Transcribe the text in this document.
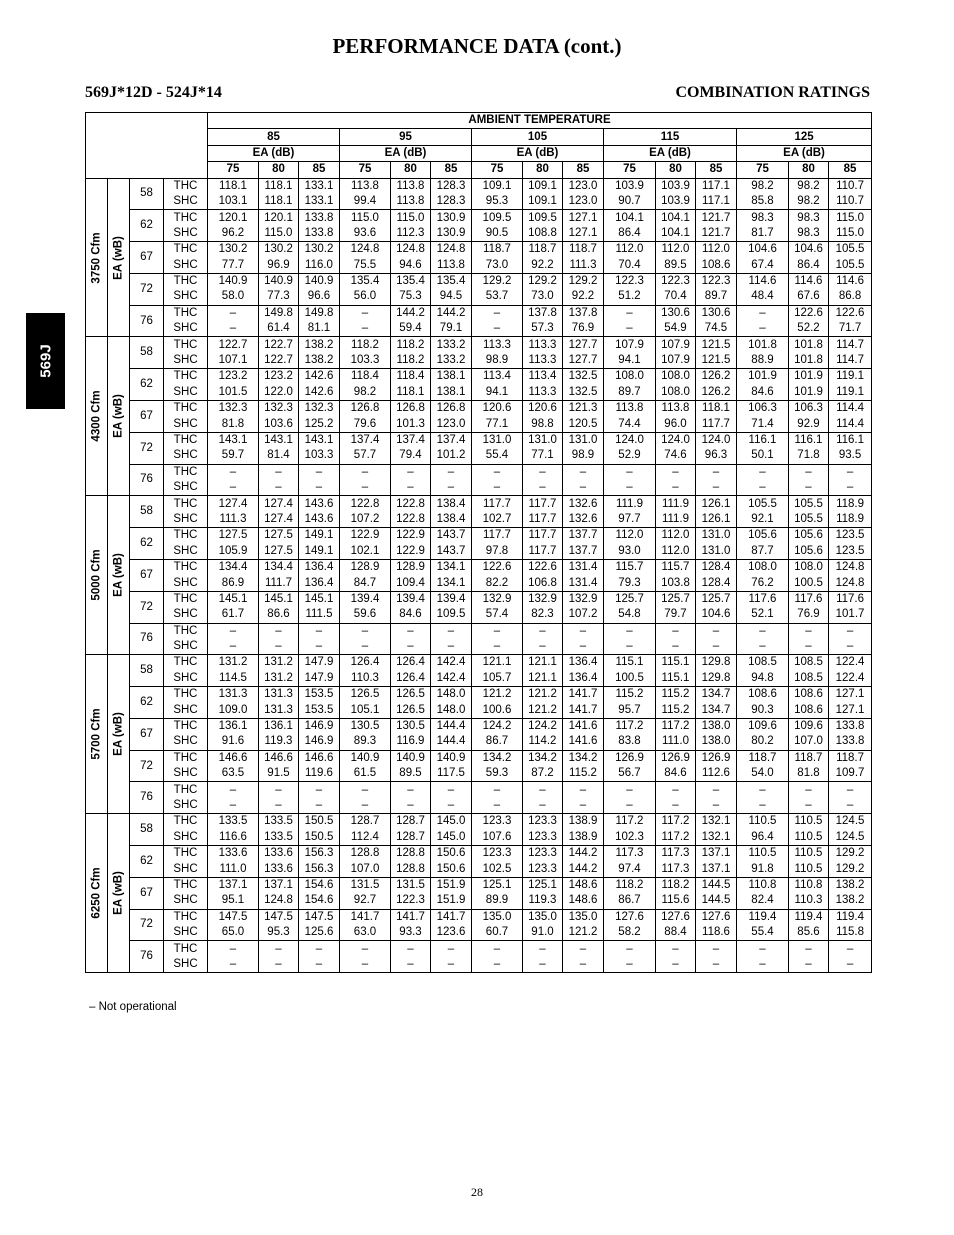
PERFORMANCE DATA (cont.)
569J*12D - 524J*14	COMBINATION RATINGS
569J
				AMBIENT TEMPERATURE														
				85			95			105			115			125		
				EA (dB)			EA (dB)			EA (dB)			EA (dB)			EA (dB)		
				75	80	85	75	80	85	75	80	85	75	80	85	75	80	85

3750 Cfm	EA (wB)	58	THC	118.1	118.1	133.1	113.8	113.8	128.3	109.1	109.1	123.0	103.9	103.9	117.1	98.2	98.2	110.7
			SHC	103.1	118.1	133.1	99.4	113.8	128.3	95.3	109.1	123.0	90.7	103.9	117.1	85.8	98.2	110.7
		62	THC	120.1	120.1	133.8	115.0	115.0	130.9	109.5	109.5	127.1	104.1	104.1	121.7	98.3	98.3	115.0
			SHC	96.2	115.0	133.8	93.6	112.3	130.9	90.5	108.8	127.1	86.4	104.1	121.7	81.7	98.3	115.0
		67	THC	130.2	130.2	130.2	124.8	124.8	124.8	118.7	118.7	118.7	112.0	112.0	112.0	104.6	104.6	105.5
			SHC	77.7	96.9	116.0	75.5	94.6	113.8	73.0	92.2	111.3	70.4	89.5	108.6	67.4	86.4	105.5
		72	THC	140.9	140.9	140.9	135.4	135.4	135.4	129.2	129.2	129.2	122.3	122.3	122.3	114.6	114.6	114.6
			SHC	58.0	77.3	96.6	56.0	75.3	94.5	53.7	73.0	92.2	51.2	70.4	89.7	48.4	67.6	86.8
		76	THC	–	149.8	149.8	–	144.2	144.2	–	137.8	137.8	–	130.6	130.6	–	122.6	122.6
			SHC	–	61.4	81.1	–	59.4	79.1	–	57.3	76.9	–	54.9	74.5	–	52.2	71.7

4300 Cfm	EA (wB)	58	THC	122.7	122.7	138.2	118.2	118.2	133.2	113.3	113.3	127.7	107.9	107.9	121.5	101.8	101.8	114.7
			SHC	107.1	122.7	138.2	103.3	118.2	133.2	98.9	113.3	127.7	94.1	107.9	121.5	88.9	101.8	114.7
		62	THC	123.2	123.2	142.6	118.4	118.4	138.1	113.4	113.4	132.5	108.0	108.0	126.2	101.9	101.9	119.1
			SHC	101.5	122.0	142.6	98.2	118.1	138.1	94.1	113.3	132.5	89.7	108.0	126.2	84.6	101.9	119.1
		67	THC	132.3	132.3	132.3	126.8	126.8	126.8	120.6	120.6	121.3	113.8	113.8	118.1	106.3	106.3	114.4
			SHC	81.8	103.6	125.2	79.6	101.3	123.0	77.1	98.8	120.5	74.4	96.0	117.7	71.4	92.9	114.4
		72	THC	143.1	143.1	143.1	137.4	137.4	137.4	131.0	131.0	131.0	124.0	124.0	124.0	116.1	116.1	116.1
			SHC	59.7	81.4	103.3	57.7	79.4	101.2	55.4	77.1	98.9	52.9	74.6	96.3	50.1	71.8	93.5
		76	THC	–	–	–	–	–	–	–	–	–	–	–	–	–	–	–
			SHC	–	–	–	–	–	–	–	–	–	–	–	–	–	–	–

5000 Cfm	EA (wB)	58	THC	127.4	127.4	143.6	122.8	122.8	138.4	117.7	117.7	132.6	111.9	111.9	126.1	105.5	105.5	118.9
			SHC	111.3	127.4	143.6	107.2	122.8	138.4	102.7	117.7	132.6	97.7	111.9	126.1	92.1	105.5	118.9
		62	THC	127.5	127.5	149.1	122.9	122.9	143.7	117.7	117.7	137.7	112.0	112.0	131.0	105.6	105.6	123.5
			SHC	105.9	127.5	149.1	102.1	122.9	143.7	97.8	117.7	137.7	93.0	112.0	131.0	87.7	105.6	123.5
		67	THC	134.4	134.4	136.4	128.9	128.9	134.1	122.6	122.6	131.4	115.7	115.7	128.4	108.0	108.0	124.8
			SHC	86.9	111.7	136.4	84.7	109.4	134.1	82.2	106.8	131.4	79.3	103.8	128.4	76.2	100.5	124.8
		72	THC	145.1	145.1	145.1	139.4	139.4	139.4	132.9	132.9	132.9	125.7	125.7	125.7	117.6	117.6	117.6
			SHC	61.7	86.6	111.5	59.6	84.6	109.5	57.4	82.3	107.2	54.8	79.7	104.6	52.1	76.9	101.7
		76	THC	–	–	–	–	–	–	–	–	–	–	–	–	–	–	–
			SHC	–	–	–	–	–	–	–	–	–	–	–	–	–	–	–

5700 Cfm	EA (wB)	58	THC	131.2	131.2	147.9	126.4	126.4	142.4	121.1	121.1	136.4	115.1	115.1	129.8	108.5	108.5	122.4
			SHC	114.5	131.2	147.9	110.3	126.4	142.4	105.7	121.1	136.4	100.5	115.1	129.8	94.8	108.5	122.4
		62	THC	131.3	131.3	153.5	126.5	126.5	148.0	121.2	121.2	141.7	115.2	115.2	134.7	108.6	108.6	127.1
			SHC	109.0	131.3	153.5	105.1	126.5	148.0	100.6	121.2	141.7	95.7	115.2	134.7	90.3	108.6	127.1
		67	THC	136.1	136.1	146.9	130.5	130.5	144.4	124.2	124.2	141.6	117.2	117.2	138.0	109.6	109.6	133.8
			SHC	91.6	119.3	146.9	89.3	116.9	144.4	86.7	114.2	141.6	83.8	111.0	138.0	80.2	107.0	133.8
		72	THC	146.6	146.6	146.6	140.9	140.9	140.9	134.2	134.2	134.2	126.9	126.9	126.9	118.7	118.7	118.7
			SHC	63.5	91.5	119.6	61.5	89.5	117.5	59.3	87.2	115.2	56.7	84.6	112.6	54.0	81.8	109.7
		76	THC	–	–	–	–	–	–	–	–	–	–	–	–	–	–	–
			SHC	–	–	–	–	–	–	–	–	–	–	–	–	–	–	–

6250 Cfm	EA (wB)	58	THC	133.5	133.5	150.5	128.7	128.7	145.0	123.3	123.3	138.9	117.2	117.2	132.1	110.5	110.5	124.5
			SHC	116.6	133.5	150.5	112.4	128.7	145.0	107.6	123.3	138.9	102.3	117.2	132.1	96.4	110.5	124.5
		62	THC	133.6	133.6	156.3	128.8	128.8	150.6	123.3	123.3	144.2	117.3	117.3	137.1	110.5	110.5	129.2
			SHC	111.0	133.6	156.3	107.0	128.8	150.6	102.5	123.3	144.2	97.4	117.3	137.1	91.8	110.5	129.2
		67	THC	137.1	137.1	154.6	131.5	131.5	151.9	125.1	125.1	148.6	118.2	118.2	144.5	110.8	110.8	138.2
			SHC	95.1	124.8	154.6	92.7	122.3	151.9	89.9	119.3	148.6	86.7	115.6	144.5	82.4	110.3	138.2
		72	THC	147.5	147.5	147.5	141.7	141.7	141.7	135.0	135.0	135.0	127.6	127.6	127.6	119.4	119.4	119.4
			SHC	65.0	95.3	125.6	63.0	93.3	123.6	60.7	91.0	121.2	58.2	88.4	118.6	55.4	85.6	115.8
		76	THC	–	–	–	–	–	–	–	–	–	–	–	–	–	–	–
			SHC	–	–	–	–	–	–	–	–	–	–	–	–	–	–	–
– Not operational
28
